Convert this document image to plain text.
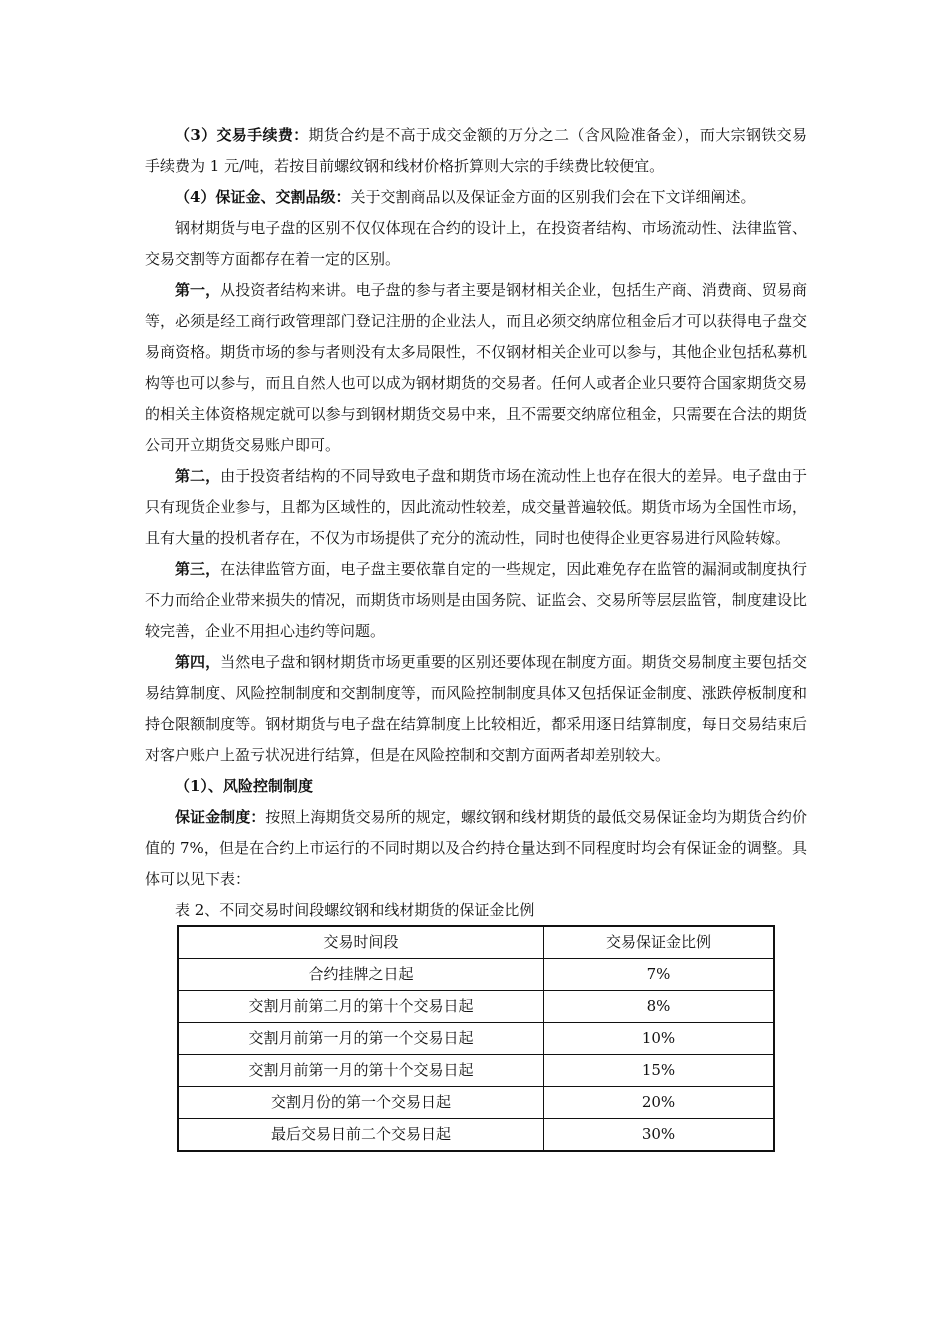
（3）交易手续费：期货合约是不高于成交金额的万分之二（含风险准备金），而大宗钢铁交易手续费为 1 元/吨，若按目前螺纹钢和线材价格折算则大宗的手续费比较便宜。

（4）保证金、交割品级：关于交割商品以及保证金方面的区别我们会在下文详细阐述。

钢材期货与电子盘的区别不仅仅体现在合约的设计上，在投资者结构、市场流动性、法律监管、交易交割等方面都存在着一定的区别。

第一，从投资者结构来讲。电子盘的参与者主要是钢材相关企业，包括生产商、消费商、贸易商等，必须是经工商行政管理部门登记注册的企业法人，而且必须交纳席位租金后才可以获得电子盘交易商资格。期货市场的参与者则没有太多局限性，不仅钢材相关企业可以参与，其他企业包括私募机构等也可以参与，而且自然人也可以成为钢材期货的交易者。任何人或者企业只要符合国家期货交易的相关主体资格规定就可以参与到钢材期货交易中来，且不需要交纳席位租金，只需要在合法的期货公司开立期货交易账户即可。

第二，由于投资者结构的不同导致电子盘和期货市场在流动性上也存在很大的差异。电子盘由于只有现货企业参与，且都为区域性的，因此流动性较差，成交量普遍较低。期货市场为全国性市场，且有大量的投机者存在，不仅为市场提供了充分的流动性，同时也使得企业更容易进行风险转嫁。

第三，在法律监管方面，电子盘主要依靠自定的一些规定，因此难免存在监管的漏洞或制度执行不力而给企业带来损失的情况，而期货市场则是由国务院、证监会、交易所等层层监管，制度建设比较完善，企业不用担心违约等问题。

第四，当然电子盘和钢材期货市场更重要的区别还要体现在制度方面。期货交易制度主要包括交易结算制度、风险控制制度和交割制度等，而风险控制制度具体又包括保证金制度、涨跌停板制度和持仓限额制度等。钢材期货与电子盘在结算制度上比较相近，都采用逐日结算制度，每日交易结束后对客户账户上盈亏状况进行结算，但是在风险控制和交割方面两者却差别较大。

（1）、风险控制制度

保证金制度：按照上海期货交易所的规定，螺纹钢和线材期货的最低交易保证金均为期货合约价值的 7%，但是在合约上市运行的不同时期以及合约持仓量达到不同程度时均会有保证金的调整。具体可以见下表：

表 2、不同交易时间段螺纹钢和线材期货的保证金比例

交易时间段	交易保证金比例
合约挂牌之日起	7%
交割月前第二月的第十个交易日起	8%
交割月前第一月的第一个交易日起	10%
交割月前第一月的第十个交易日起	15%
交割月份的第一个交易日起	20%
最后交易日前二个交易日起	30%
